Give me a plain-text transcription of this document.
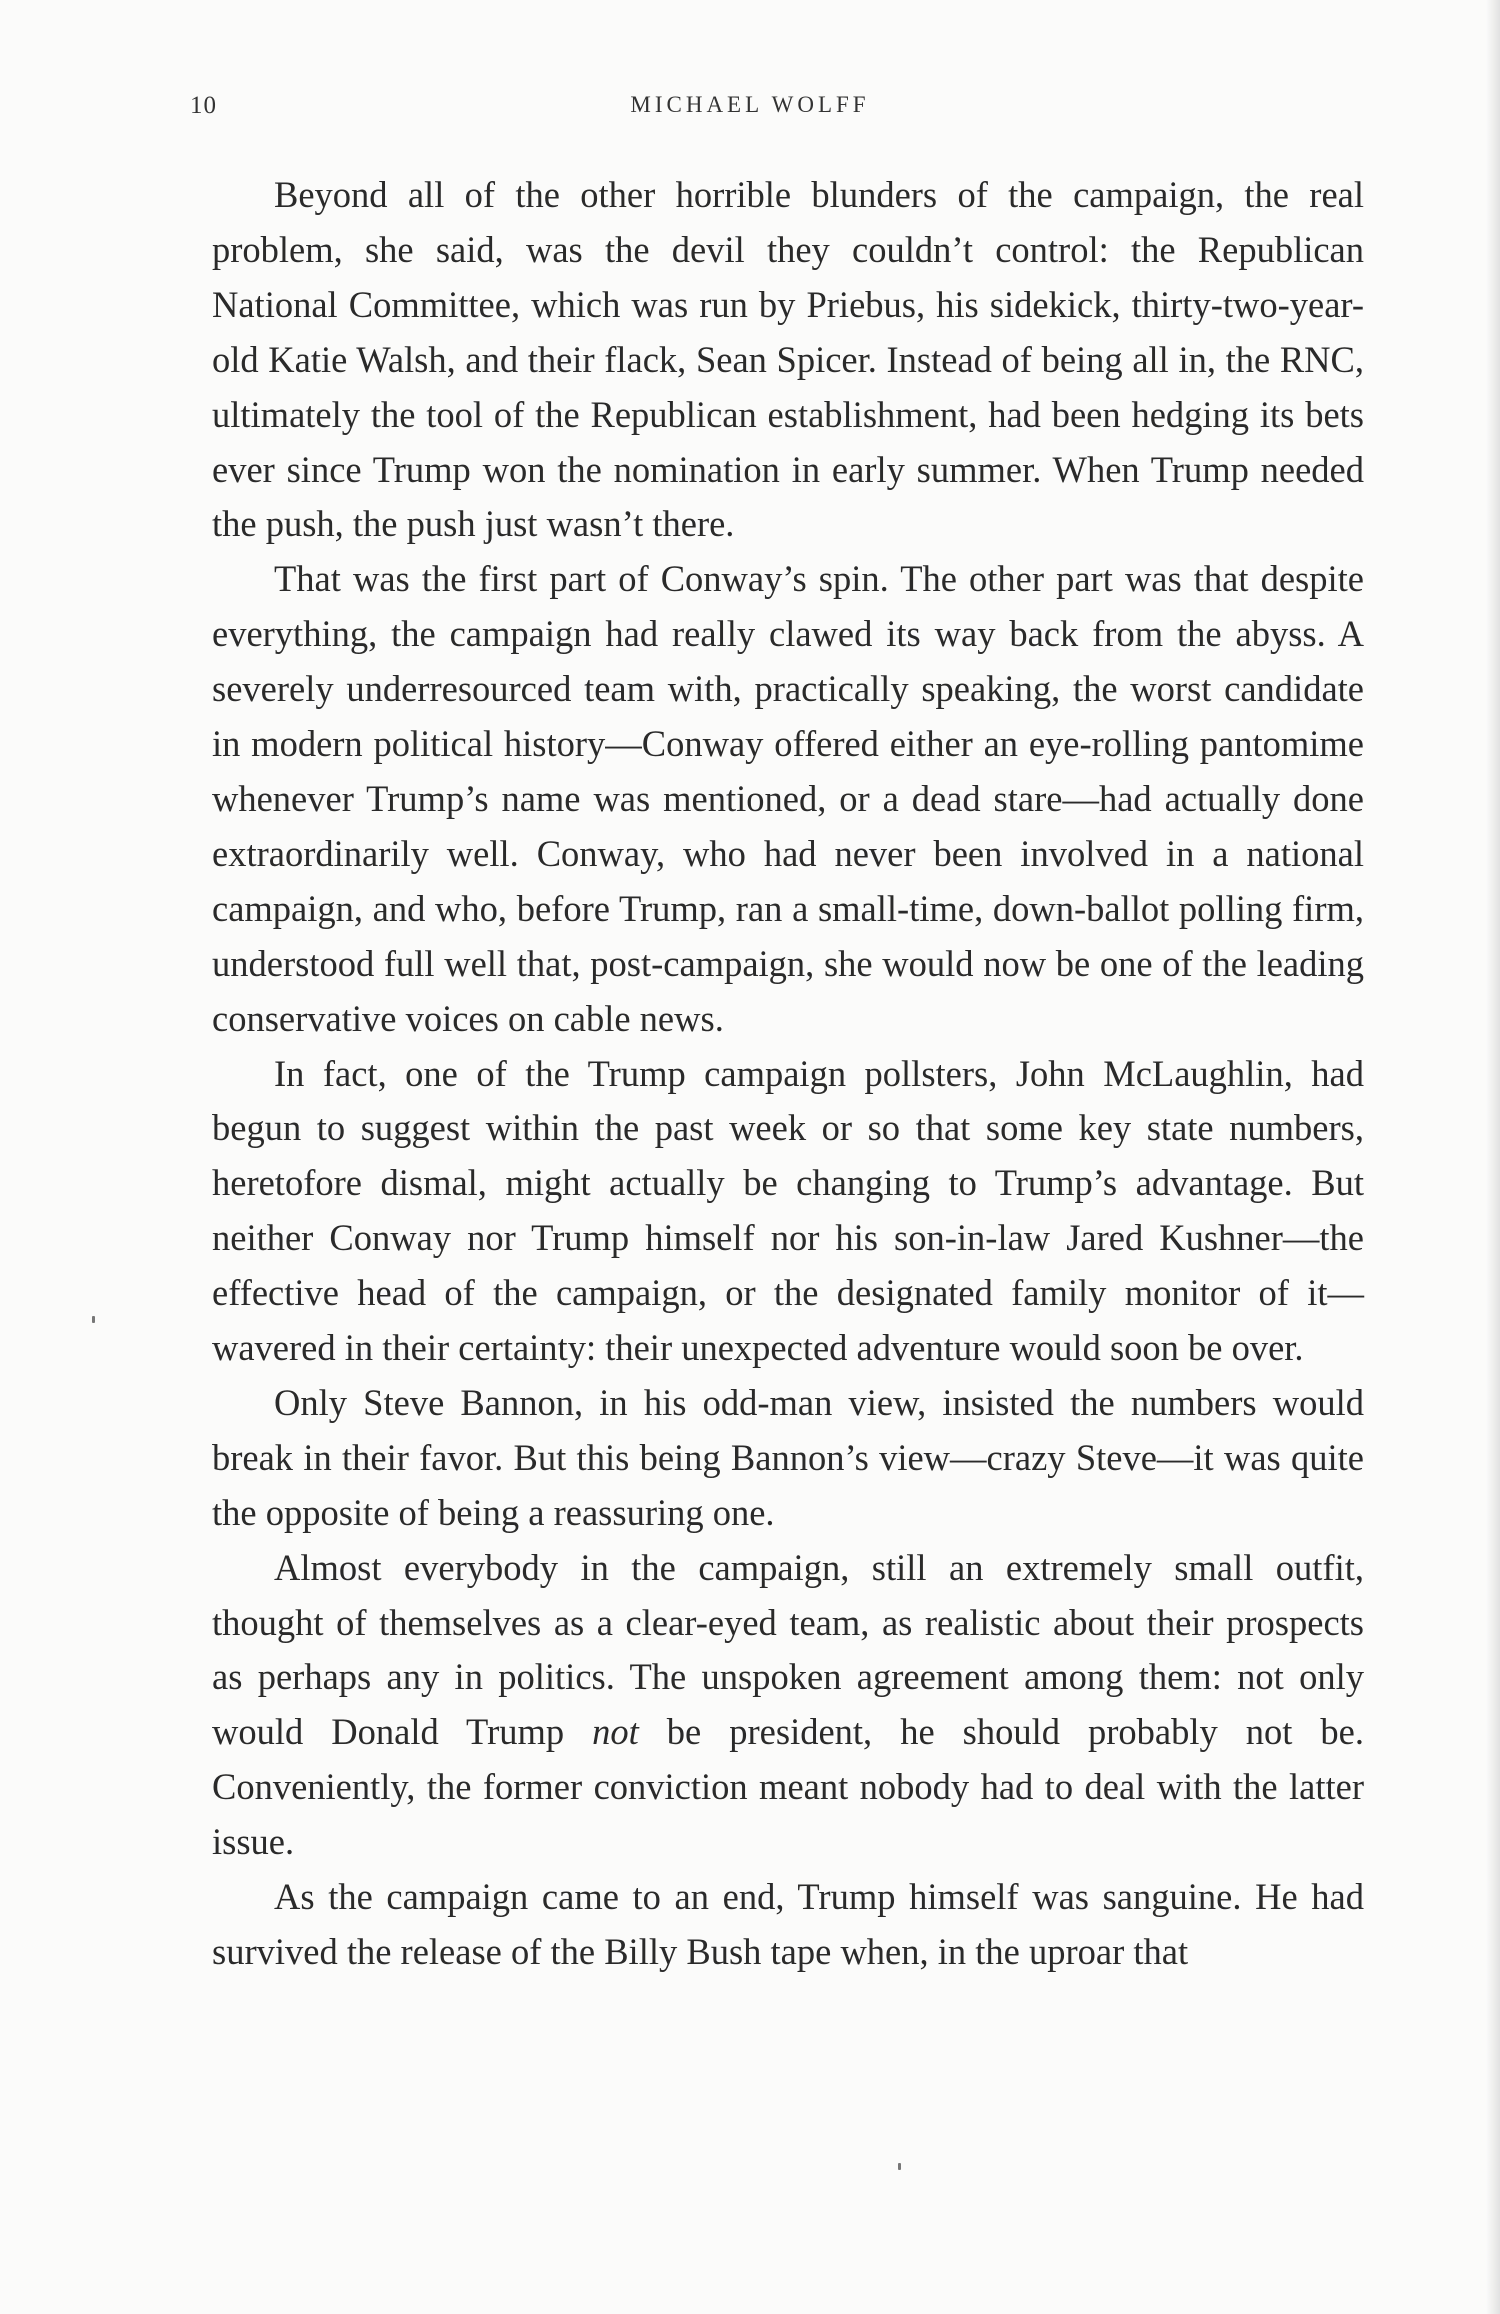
10	MICHAEL WOLFF

Beyond all of the other horrible blunders of the campaign, the real problem, she said, was the devil they couldn’t control: the Republican National Committee, which was run by Priebus, his sidekick, thirty-two-year-old Katie Walsh, and their flack, Sean Spicer. Instead of being all in, the RNC, ultimately the tool of the Republican establishment, had been hedging its bets ever since Trump won the nomination in early summer. When Trump needed the push, the push just wasn’t there.

That was the first part of Conway’s spin. The other part was that despite everything, the campaign had really clawed its way back from the abyss. A severely underresourced team with, practically speaking, the worst candidate in modern political history—Conway offered either an eye-rolling pantomime whenever Trump’s name was mentioned, or a dead stare—had actually done extraordinarily well. Conway, who had never been involved in a national campaign, and who, before Trump, ran a small-time, down-ballot polling firm, understood full well that, post-campaign, she would now be one of the leading conservative voices on cable news.

In fact, one of the Trump campaign pollsters, John McLaughlin, had begun to suggest within the past week or so that some key state numbers, heretofore dismal, might actually be changing to Trump’s advantage. But neither Conway nor Trump himself nor his son-in-law Jared Kushner—the effective head of the campaign, or the designated family monitor of it—wavered in their certainty: their unexpected adventure would soon be over.

Only Steve Bannon, in his odd-man view, insisted the numbers would break in their favor. But this being Bannon’s view—crazy Steve—it was quite the opposite of being a reassuring one.

Almost everybody in the campaign, still an extremely small outfit, thought of themselves as a clear-eyed team, as realistic about their prospects as perhaps any in politics. The unspoken agreement among them: not only would Donald Trump not be president, he should probably not be. Conveniently, the former conviction meant nobody had to deal with the latter issue.

As the campaign came to an end, Trump himself was sanguine. He had survived the release of the Billy Bush tape when, in the uproar that
